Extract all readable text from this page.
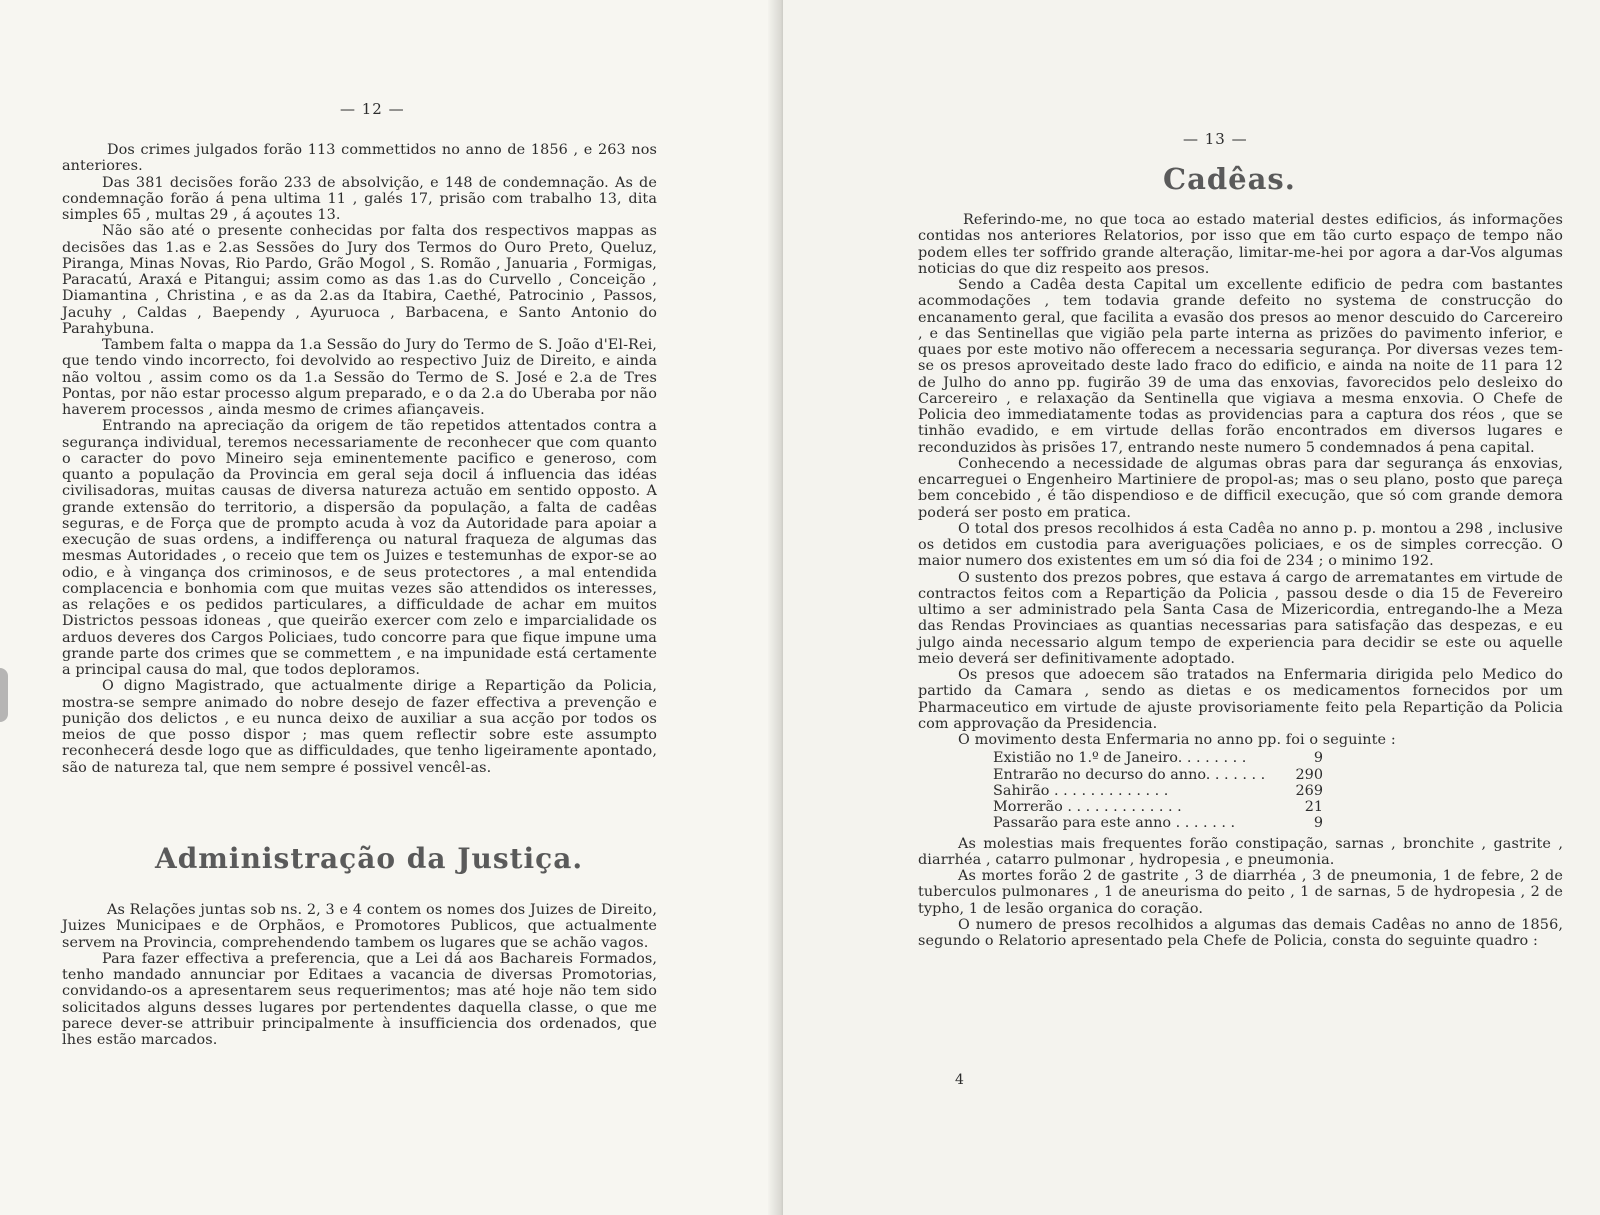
— 12 —

Dos crimes julgados forão 113 commettidos no anno de 1856 , e 263 nos anteriores.

Das 381 decisões forão 233 de absolvição, e 148 de condemnação. As de condemnação forão á pena ultima 11 , galés 17, prisão com trabalho 13, dita simples 65 , multas 29 , á açoutes 13.

Não são até o presente conhecidas por falta dos respectivos mappas as decisões das 1.as e 2.as Sessões do Jury dos Termos do Ouro Preto, Queluz, Piranga, Minas Novas, Rio Pardo, Grão Mogol , S. Romão , Januaria , Formigas, Paracatú, Araxá e Pitangui; assim como as das 1.as do Curvello , Conceição , Diamantina , Christina , e as da 2.as da Itabira, Caethé, Patrocinio , Passos, Jacuhy , Caldas , Baependy , Ayuruoca , Barbacena, e Santo Antonio do Parahybuna.

Tambem falta o mappa da 1.a Sessão do Jury do Termo de S. João d'El-Rei, que tendo vindo incorrecto, foi devolvido ao respectivo Juiz de Direito, e ainda não voltou , assim como os da 1.a Sessão do Termo de S. José e 2.a de Tres Pontas, por não estar processo algum preparado, e o da 2.a do Uberaba por não haverem processos , ainda mesmo de crimes afiançaveis.

Entrando na apreciação da origem de tão repetidos attentados contra a segurança individual, teremos necessariamente de reconhecer que com quanto o caracter do povo Mineiro seja eminentemente pacifico e generoso, com quanto a população da Provincia em geral seja docil á influencia das idéas civilisadoras, muitas causas de diversa natureza actuão em sentido opposto. A grande extensão do territorio, a dispersão da população, a falta de cadêas seguras, e de Força que de prompto acuda à voz da Autoridade para apoiar a execução de suas ordens, a indifferença ou natural fraqueza de algumas das mesmas Autoridades , o receio que tem os Juizes e testemunhas de expor-se ao odio, e à vingança dos criminosos, e de seus protectores , a mal entendida complacencia e bonhomia com que muitas vezes são attendidos os interesses, as relações e os pedidos particulares, a difficuldade de achar em muitos Districtos pessoas idoneas , que queirão exercer com zelo e imparcialidade os arduos deveres dos Cargos Policiaes, tudo concorre para que fique impune uma grande parte dos crimes que se commettem , e na impunidade está certamente a principal causa do mal, que todos deploramos.

O digno Magistrado, que actualmente dirige a Repartição da Policia, mostra-se sempre animado do nobre desejo de fazer effectiva a prevenção e punição dos delictos , e eu nunca deixo de auxiliar a sua acção por todos os meios de que posso dispor ; mas quem reflectir sobre este assumpto reconhecerá desde logo que as difficuldades, que tenho ligeiramente apontado, são de natureza tal, que nem sempre é possivel vencêl-as.

Administração da Justiça.

As Relações juntas sob ns. 2, 3 e 4 contem os nomes dos Juizes de Direito, Juizes Municipaes e de Orphãos, e Promotores Publicos, que actualmente servem na Provincia, comprehendendo tambem os lugares que se achão vagos.

Para fazer effectiva a preferencia, que a Lei dá aos Bachareis Formados, tenho mandado annunciar por Editaes a vacancia de diversas Promotorias, convidando-os a apresentarem seus requerimentos; mas até hoje não tem sido solicitados alguns desses lugares por pertendentes daquella classe, o que me parece dever-se attribuir principalmente à insufficiencia dos ordenados, que lhes estão marcados.

— 13 —
Cadêas.

Referindo-me, no que toca ao estado material destes edificios, ás informações contidas nos anteriores Relatorios, por isso que em tão curto espaço de tempo não podem elles ter soffrido grande alteração, limitar-me-hei por agora a dar-Vos algumas noticias do que diz respeito aos presos.

Sendo a Cadêa desta Capital um excellente edificio de pedra com bastantes acommodações , tem todavia grande defeito no systema de construcção do encanamento geral, que facilita a evasão dos presos ao menor descuido do Carcereiro , e das Sentinellas que vigião pela parte interna as prizões do pavimento inferior, e quaes por este motivo não offerecem a necessaria segurança. Por diversas vezes tem-se os presos aproveitado deste lado fraco do edificio, e ainda na noite de 11 para 12 de Julho do anno pp. fugirão 39 de uma das enxovias, favorecidos pelo desleixo do Carcereiro , e relaxação da Sentinella que vigiava a mesma enxovia. O Chefe de Policia deo immediatamente todas as providencias para a captura dos réos , que se tinhão evadido, e em virtude dellas forão encontrados em diversos lugares e reconduzidos às prisões 17, entrando neste numero 5 condemnados á pena capital.

Conhecendo a necessidade de algumas obras para dar segurança ás enxovias, encarreguei o Engenheiro Martiniere de propol-as; mas o seu plano, posto que pareça bem concebido , é tão dispendioso e de difficil execução, que só com grande demora poderá ser posto em pratica.

O total dos presos recolhidos á esta Cadêa no anno p. p. montou a 298 , inclusive os detidos em custodia para averiguações policiaes, e os de simples correcção. O maior numero dos existentes em um só dia foi de 234 ; o minimo 192.

O sustento dos prezos pobres, que estava á cargo de arrematantes em virtude de contractos feitos com a Repartição da Policia , passou desde o dia 15 de Fevereiro ultimo a ser administrado pela Santa Casa de Mizericordia, entregando-lhe a Meza das Rendas Provinciaes as quantias necessarias para satisfação das despezas, e eu julgo ainda necessario algum tempo de experiencia para decidir se este ou aquelle meio deverá ser definitivamente adoptado.

Os presos que adoecem são tratados na Enfermaria dirigida pelo Medico do partido da Camara , sendo as dietas e os medicamentos fornecidos por um Pharmaceutico em virtude de ajuste provisoriamente feito pela Repartição da Policia com approvação da Presidencia.

O movimento desta Enfermaria no anno pp. foi o seguinte :

Existião no 1.º de Janeiro. . . . . . . .	9
Entrarão no decurso do anno. . . . . . .	290
Sahirão . . . . . . . . . . . . .	269
Morrerão . . . . . . . . . . . . .	21
Passarão para este anno . . . . . . .	9

As molestias mais frequentes forão constipação, sarnas , bronchite , gastrite , diarrhéa , catarro pulmonar , hydropesia , e pneumonia.

As mortes forão 2 de gastrite , 3 de diarrhéa , 3 de pneumonia, 1 de febre, 2 de tuberculos pulmonares , 1 de aneurisma do peito , 1 de sarnas, 5 de hydropesia , 2 de typho, 1 de lesão organica do coração.

O numero de presos recolhidos a algumas das demais Cadêas no anno de 1856, segundo o Relatorio apresentado pela Chefe de Policia, consta do seguinte quadro :

4
